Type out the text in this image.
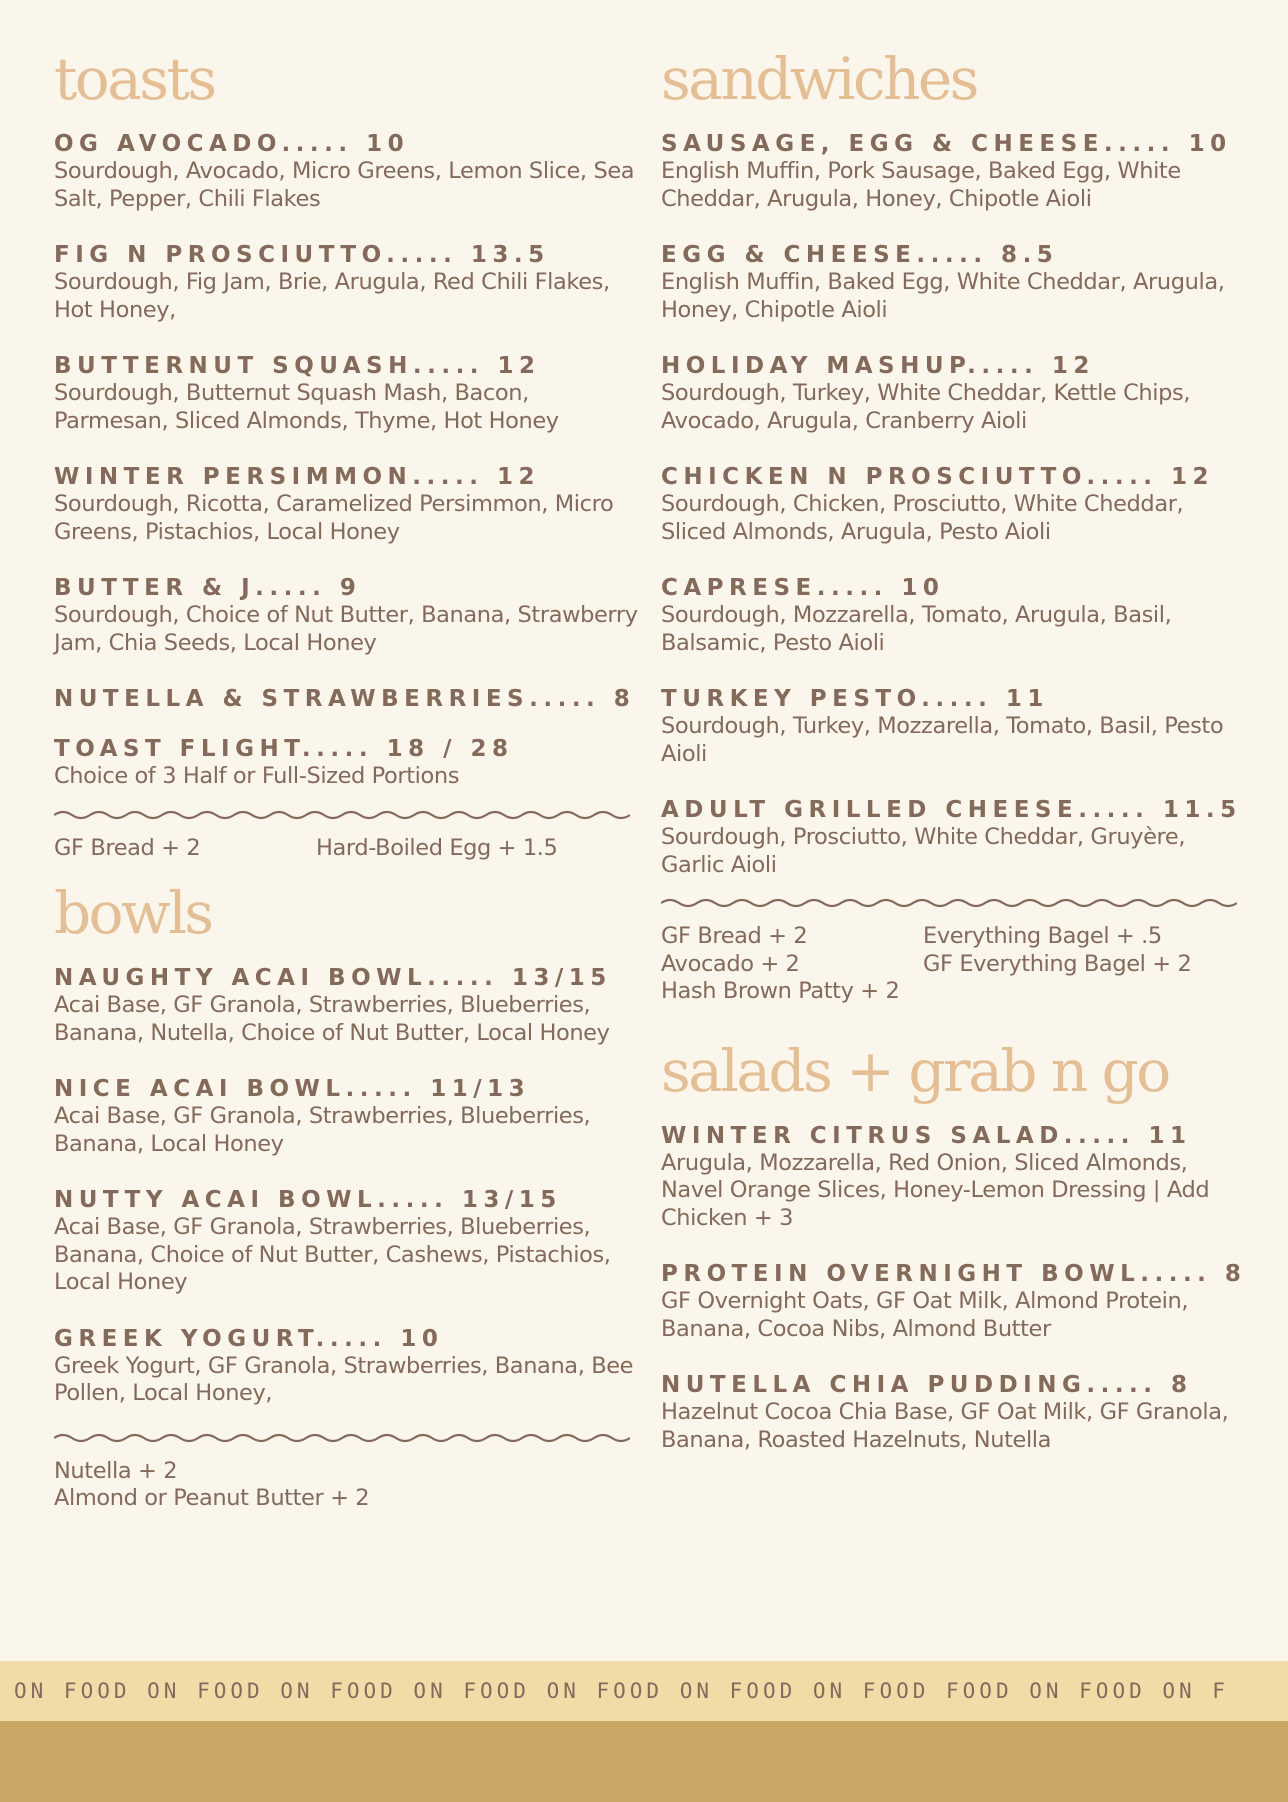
toasts
OG AVOCADO..... 10
Sourdough, Avocado, Micro Greens, Lemon Slice, Sea Salt, Pepper, Chili Flakes
FIG N PROSCIUTTO..... 13.5
Sourdough, Fig Jam, Brie, Arugula, Red Chili Flakes, Hot Honey,
BUTTERNUT SQUASH..... 12
Sourdough, Butternut Squash Mash, Bacon, Parmesan, Sliced Almonds, Thyme, Hot Honey
WINTER PERSIMMON..... 12
Sourdough, Ricotta, Caramelized Persimmon, Micro Greens, Pistachios, Local Honey
BUTTER & J..... 9
Sourdough, Choice of Nut Butter, Banana, Strawberry Jam, Chia Seeds, Local Honey
NUTELLA & STRAWBERRIES..... 8
TOAST FLIGHT..... 18 / 28
Choice of 3 Half or Full-Sized Portions
GF Bread + 2	Hard-Boiled Egg + 1.5
bowls
NAUGHTY ACAI BOWL..... 13/15
Acai Base, GF Granola, Strawberries, Blueberries, Banana, Nutella, Choice of Nut Butter, Local Honey
NICE ACAI BOWL..... 11/13
Acai Base, GF Granola, Strawberries, Blueberries, Banana, Local Honey
NUTTY ACAI BOWL..... 13/15
Acai Base, GF Granola, Strawberries, Blueberries, Banana, Choice of Nut Butter, Cashews, Pistachios, Local Honey
GREEK YOGURT..... 10
Greek Yogurt, GF Granola, Strawberries, Banana, Bee Pollen, Local Honey,
Nutella + 2
Almond or Peanut Butter + 2
sandwiches
SAUSAGE, EGG & CHEESE..... 10
English Muffin, Pork Sausage, Baked Egg, White Cheddar, Arugula, Honey, Chipotle Aioli
EGG & CHEESE..... 8.5
English Muffin, Baked Egg, White Cheddar, Arugula, Honey, Chipotle Aioli
HOLIDAY MASHUP..... 12
Sourdough, Turkey, White Cheddar, Kettle Chips, Avocado, Arugula, Cranberry Aioli
CHICKEN N PROSCIUTTO..... 12
Sourdough, Chicken, Prosciutto, White Cheddar, Sliced Almonds, Arugula, Pesto Aioli
CAPRESE..... 10
Sourdough, Mozzarella, Tomato, Arugula, Basil, Balsamic, Pesto Aioli
TURKEY PESTO..... 11
Sourdough, Turkey, Mozzarella, Tomato, Basil, Pesto Aioli
ADULT GRILLED CHEESE..... 11.5
Sourdough, Prosciutto, White Cheddar, Gruyère, Garlic Aioli
GF Bread + 2	Everything Bagel + .5
Avocado + 2	GF Everything Bagel + 2
Hash Brown Patty + 2
salads + grab n go
WINTER CITRUS SALAD..... 11
Arugula, Mozzarella, Red Onion, Sliced Almonds, Navel Orange Slices, Honey-Lemon Dressing | Add Chicken + 3
PROTEIN OVERNIGHT BOWL..... 8
GF Overnight Oats, GF Oat Milk, Almond Protein, Banana, Cocoa Nibs, Almond Butter
NUTELLA CHIA PUDDING..... 8
Hazelnut Cocoa Chia Base, GF Oat Milk, GF Granola, Banana, Roasted Hazelnuts, Nutella
ON FOOD ON FOOD ON FOOD ON FOOD ON FOOD ON FOOD ON FOOD FOOD ON FOOD ON F
